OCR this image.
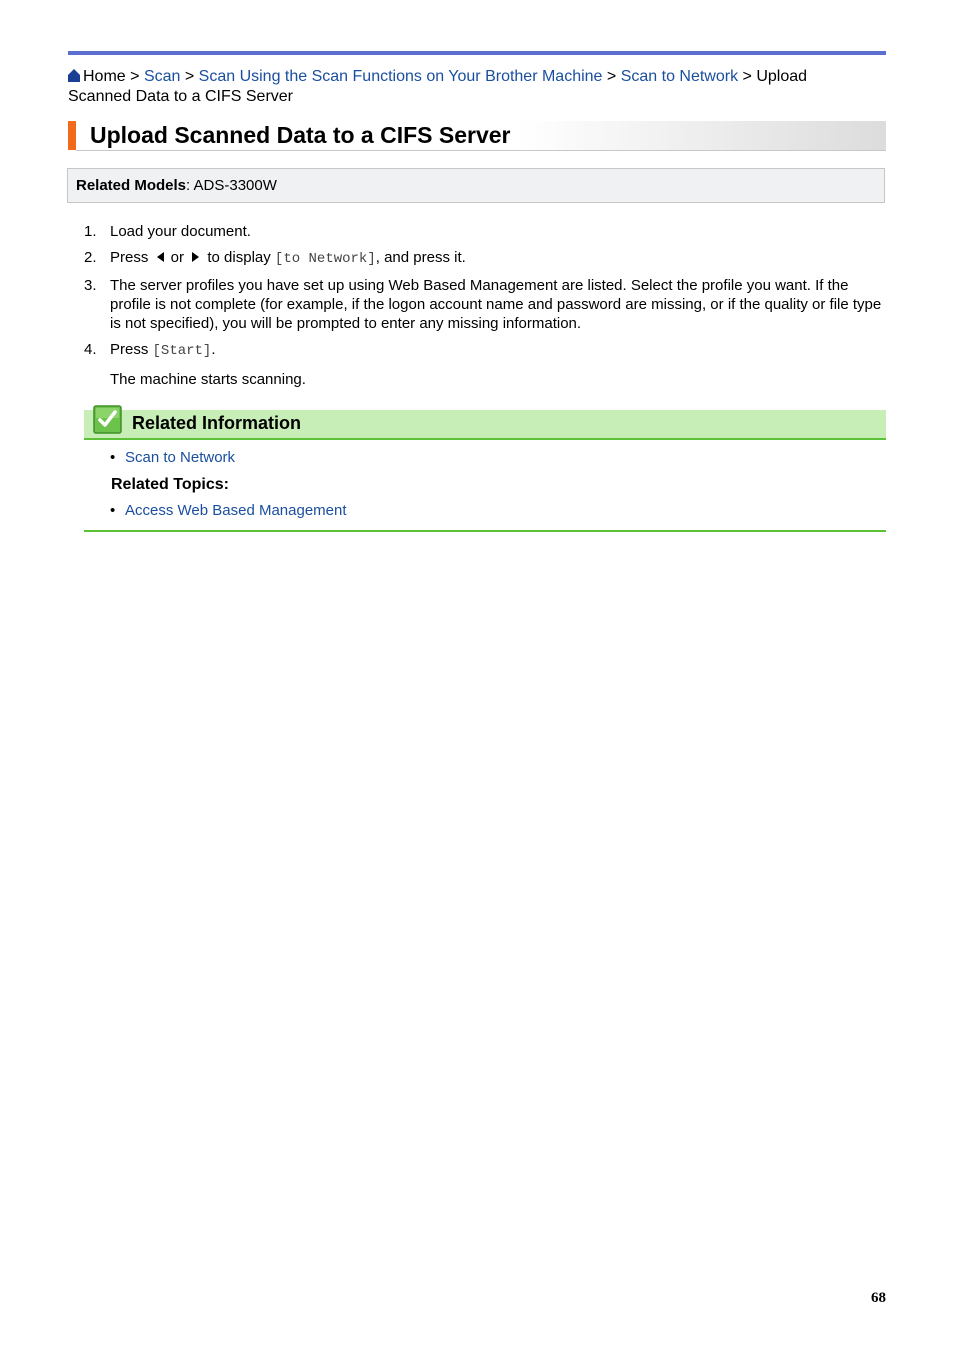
Home > Scan > Scan Using the Scan Functions on Your Brother Machine > Scan to Network > Upload Scanned Data to a CIFS Server
Upload Scanned Data to a CIFS Server
Related Models: ADS-3300W
1. Load your document.
2. Press  or  to display [to Network], and press it.
3. The server profiles you have set up using Web Based Management are listed. Select the profile you want. If the profile is not complete (for example, if the logon account name and password are missing, or if the quality or file type is not specified), you will be prompted to enter any missing information.
4. Press [Start].
The machine starts scanning.
Related Information
• Scan to Network
Related Topics:
• Access Web Based Management
68
